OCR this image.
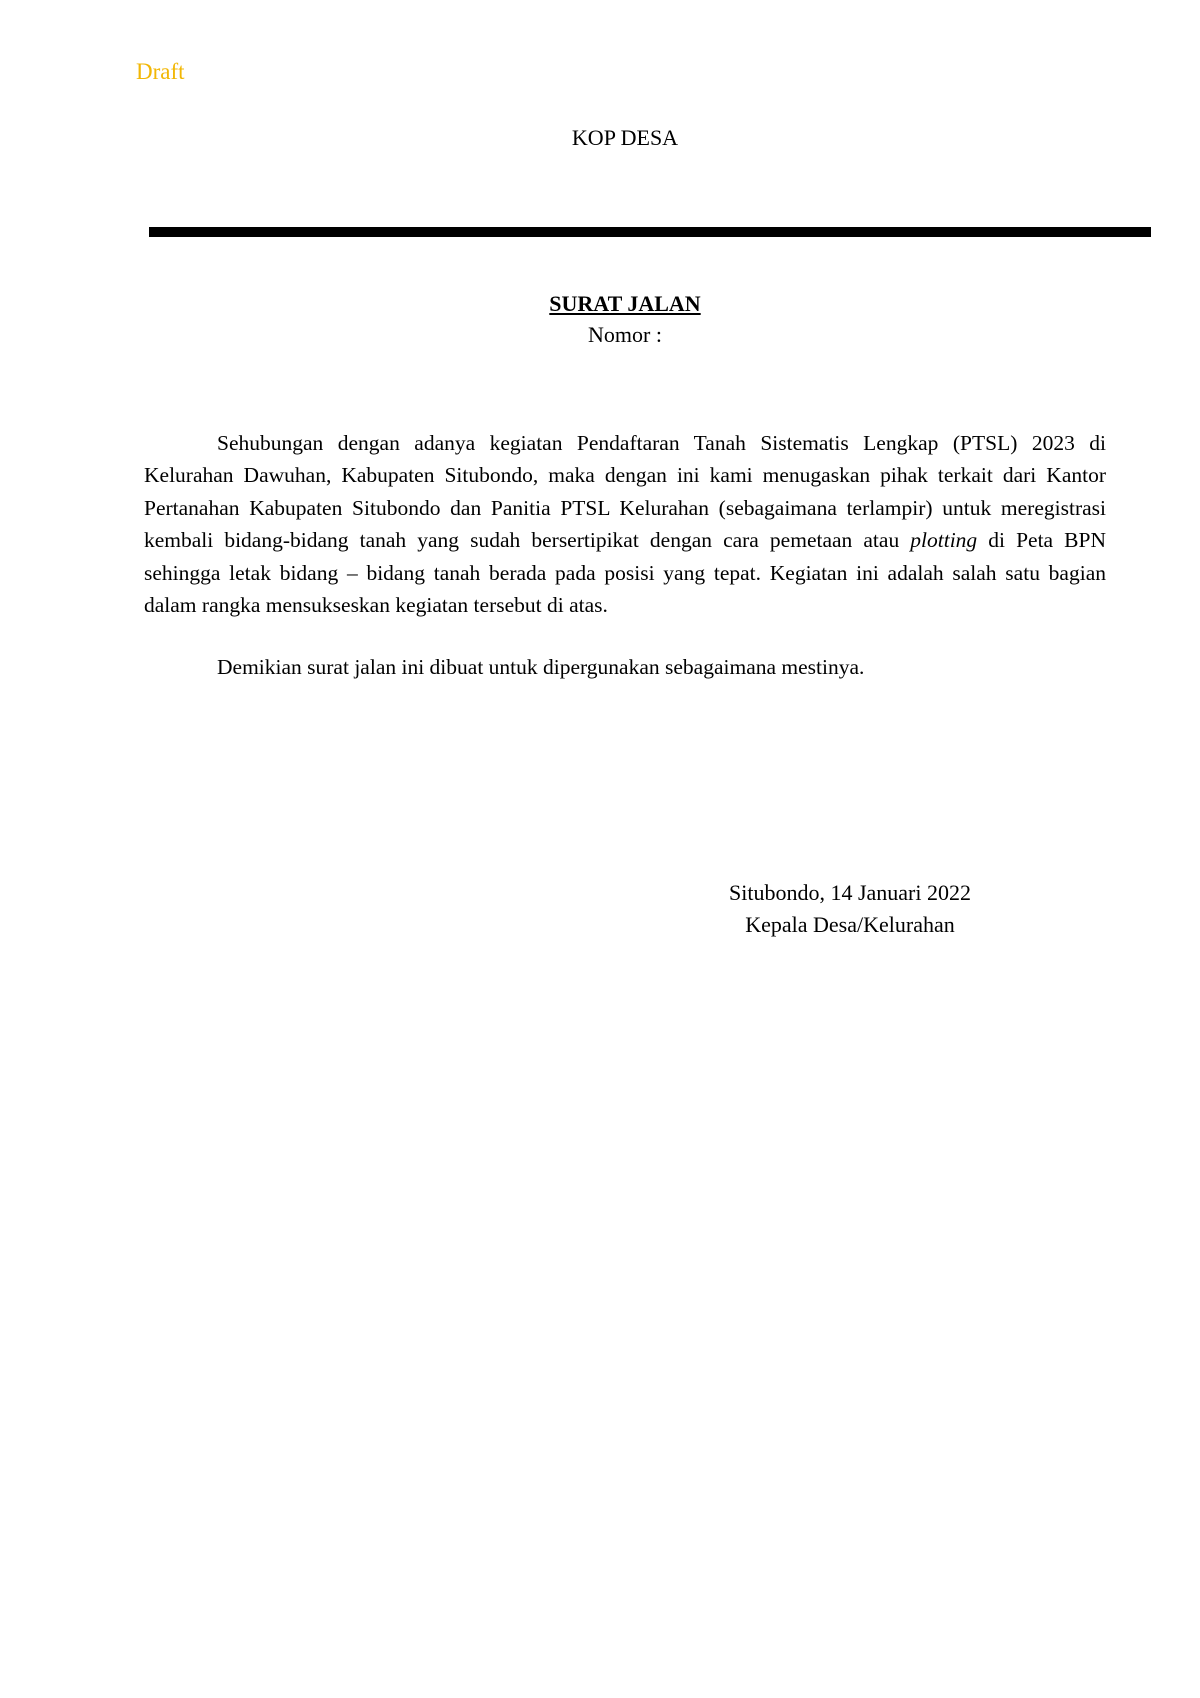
Draft
KOP DESA
SURAT JALAN
Nomor :

Sehubungan dengan adanya kegiatan Pendaftaran Tanah Sistematis Lengkap (PTSL) 2023 di Kelurahan Dawuhan, Kabupaten Situbondo, maka dengan ini kami menugaskan pihak terkait dari Kantor Pertanahan Kabupaten Situbondo dan Panitia PTSL Kelurahan (sebagaimana terlampir) untuk meregistrasi kembali bidang-bidang tanah yang sudah bersertipikat dengan cara pemetaan atau plotting di Peta BPN sehingga letak bidang – bidang tanah berada pada posisi yang tepat. Kegiatan ini adalah salah satu bagian dalam rangka mensukseskan kegiatan tersebut di atas.

Demikian surat jalan ini dibuat untuk dipergunakan sebagaimana mestinya.

Situbondo, 14 Januari 2022
Kepala Desa/Kelurahan
